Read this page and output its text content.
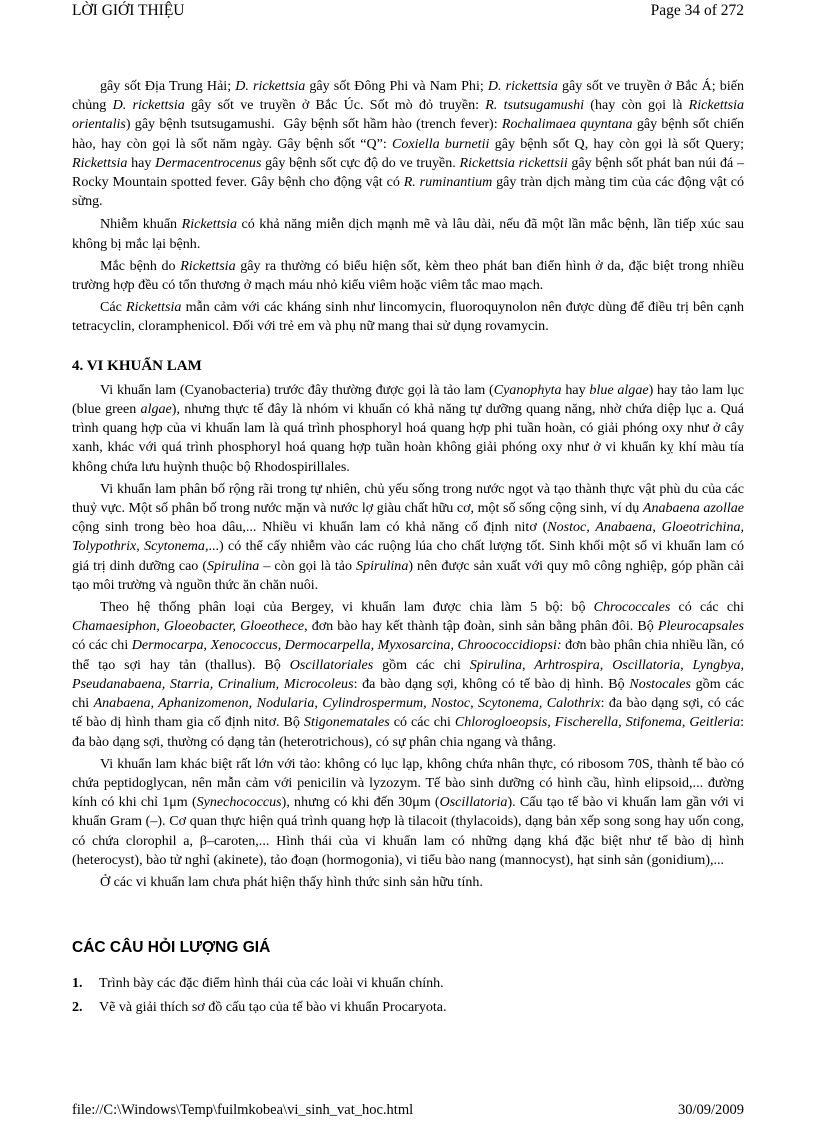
LỜI GIỚI THIỆU	Page 34 of 272

gây sốt Địa Trung Hải; D. rickettsia gây sốt Đông Phi và Nam Phi; D. rickettsia gây sốt ve truyền ở Bắc Á; biến chủng D. rickettsia gây sốt ve truyền ở Bắc Úc. Sốt mò đỏ truyền: R. tsutsugamushi (hay còn gọi là Rickettsia orientalis) gây bệnh tsutsugamushi.  Gây bệnh sốt hầm hào (trench fever): Rochalimaea quyntana gây bệnh sốt chiến hào, hay còn gọi là sốt năm ngày. Gây bệnh sốt “Q”: Coxiella burnetii gây bệnh sốt Q, hay còn gọi là sốt Query; Rickettsia hay Dermacentrocenus gây bệnh sốt cực độ do ve truyền. Rickettsia rickettsii gây bệnh sốt phát ban núi đá – Rocky Mountain spotted fever. Gây bệnh cho động vật có R. ruminantium gây tràn dịch màng tim của các động vật có sừng.

Nhiễm khuẩn Rickettsia có khả năng miễn dịch mạnh mẽ và lâu dài, nếu đã một lần mắc bệnh, lần tiếp xúc sau không bị mắc lại bệnh.

Mắc bệnh do Rickettsia gây ra thường có biểu hiện sốt, kèm theo phát ban điển hình ở da, đặc biệt trong nhiều trường hợp đều có tổn thương ở mạch máu nhỏ kiểu viêm hoặc viêm tắc mao mạch.

Các Rickettsia mẫn cảm với các kháng sinh như lincomycin, fluoroquynolon nên được dùng để điều trị bên cạnh tetracyclin, cloramphenicol. Đối với trẻ em và phụ nữ mang thai sử dụng rovamycin.

4. VI KHUẨN LAM

Vi khuẩn lam (Cyanobacteria) trước đây thường được gọi là tảo lam (Cyanophyta hay blue algae) hay tảo lam lục (blue green algae), nhưng thực tế đây là nhóm vi khuẩn có khả năng tự dưỡng quang năng, nhờ chứa diệp lục a. Quá trình quang hợp của vi khuẩn lam là quá trình phosphoryl hoá quang hợp phi tuần hoàn, có giải phóng oxy như ở cây xanh, khác với quá trình phosphoryl hoá quang hợp tuần hoàn không giải phóng oxy như ở vi khuẩn kỵ khí màu tía không chứa lưu huỳnh thuộc bộ Rhodospirillales.

Vi khuẩn lam phân bố rộng rãi trong tự nhiên, chủ yếu sống trong nước ngọt và tạo thành thực vật phù du của các thuỷ vực. Một số phân bố trong nước mặn và nước lợ giàu chất hữu cơ, một số sống cộng sinh, ví dụ Anabaena azollae cộng sinh trong bèo hoa dâu,... Nhiều vi khuẩn lam có khả năng cố định nitơ (Nostoc, Anabaena, Gloeotrichina, Tolypothrix, Scytonema,...) có thể cấy nhiễm vào các ruộng lúa cho chất lượng tốt. Sinh khối một số vi khuẩn lam có giá trị dinh dưỡng cao (Spirulina – còn gọi là tảo Spirulina) nên được sản xuất với quy mô công nghiệp, góp phần cải tạo môi trường và nguồn thức ăn chăn nuôi.

Theo hệ thống phân loại của Bergey, vi khuẩn lam được chia làm 5 bộ: bộ Chrococcales có các chi Chamaesiphon, Gloeobacter, Gloeothece, đơn bào hay kết thành tập đoàn, sinh sản bằng phân đôi. Bộ Pleurocapsales có các chi Dermocarpa, Xenococcus, Dermocarpella, Myxosarcina, Chroococcidiopsi: đơn bào phân chia nhiều lần, có thể tạo sợi hay tản (thallus). Bộ Oscillatoriales gồm các chi Spirulina, Arhtrospira, Oscillatoria, Lyngbya, Pseudanabaena, Starria, Crinalium, Microcoleus: đa bào dạng sợi, không có tế bào dị hình. Bộ Nostocales gồm các chi Anabaena, Aphanizomenon, Nodularia, Cylindrospermum, Nostoc, Scytonema, Calothrix: đa bào dạng sợi, có các tế bào dị hình tham gia cố định nitơ. Bộ Stigonematales có các chi Chlorogloeopsis, Fischerella, Stifonema, Geitleria: đa bào dạng sợi, thường có dạng tản (heterotrichous), có sự phân chia ngang và thẳng.

Vi khuẩn lam khác biệt rất lớn với tảo: không có lục lạp, không chứa nhân thực, có ribosom 70S, thành tế bào có chứa peptidoglycan, nên mẫn cảm với penicilin và lyzozym. Tế bào sinh dưỡng có hình cầu, hình elipsoid,... đường kính có khi chỉ 1μm (Synechococcus), nhưng có khi đến 30μm (Oscillatoria). Cấu tạo tế bào vi khuẩn lam gần với vi khuẩn Gram (–). Cơ quan thực hiện quá trình quang hợp là tilacoit (thylacoids), dạng bản xếp song song hay uốn cong, có chứa clorophil a, β–caroten,... Hình thái của vi khuẩn lam có những dạng khá đặc biệt như tế bào dị hình (heterocyst), bào tử nghỉ (akinete), tảo đoạn (hormogonia), vi tiểu bào nang (mannocyst), hạt sinh sản (gonidium),...

Ở các vi khuẩn lam chưa phát hiện thấy hình thức sinh sản hữu tính.

CÁC CÂU HỎI LƯỢNG GIÁ
1. Trình bày các đặc điểm hình thái của các loài vi khuẩn chính.
2. Vẽ và giải thích sơ đồ cấu tạo của tế bào vi khuẩn Procaryota.
file://C:\Windows\Temp\fuilmkobea\vi_sinh_vat_hoc.html	30/09/2009
